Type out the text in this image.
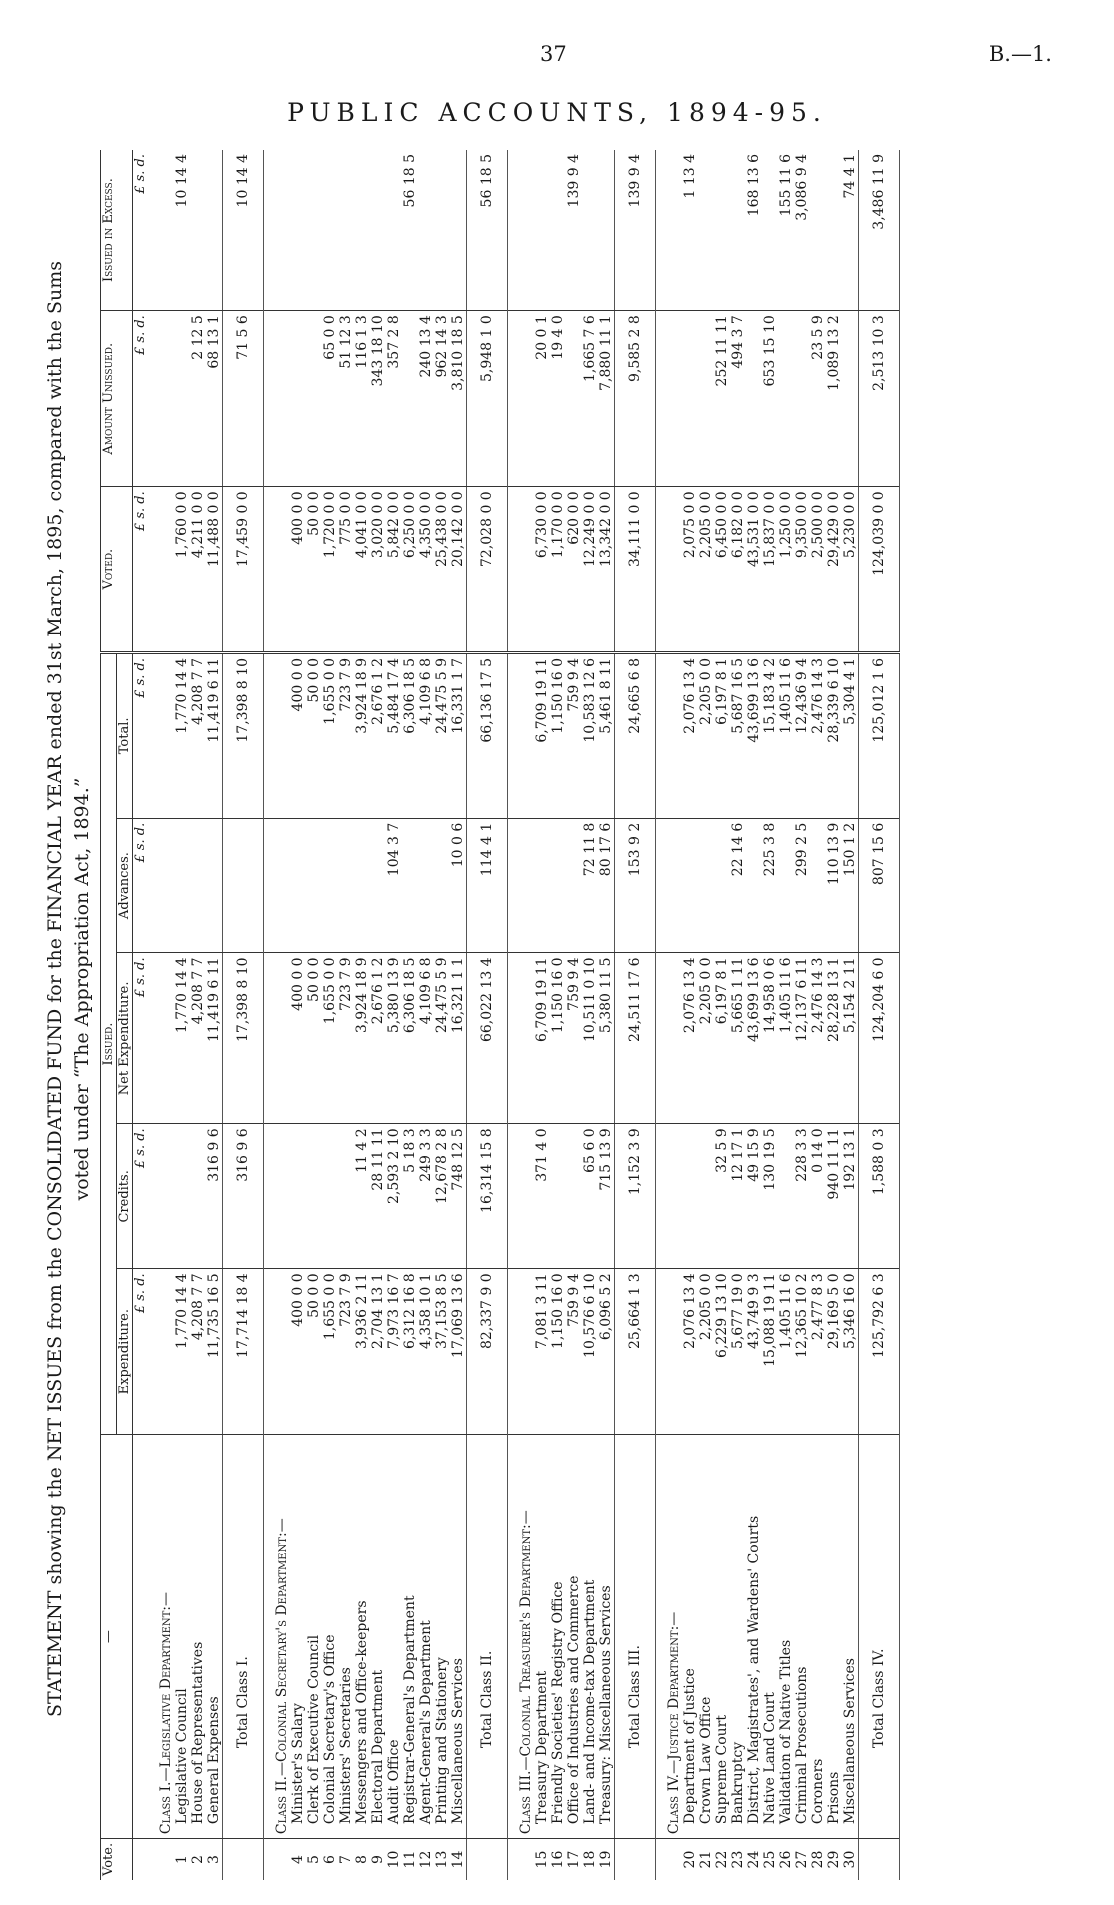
37	B.—1.
PUBLIC ACCOUNTS, 1894-95.
STATEMENT showing the NET ISSUES from the CONSOLIDATED FUND for the FINANCIAL YEAR ended 31st March, 1895, compared with the Sums voted under “The Appropriation Act, 1894.”
Vote.	—	Issued.					Voted.	Amount Unissued.	Issued in Excess.
		Expenditure.	Credits.	Net Expenditure.	Advances.	Total.			
		£ s. d.	£ s. d.	£ s. d.	£ s. d.	£ s. d.	£ s. d.	£ s. d.	£ s. d.
	Class I.—Legislative Department:—								
1	Legislative Council	1,770 14 4		1,770 14 4		1,770 14 4	1,760 0 0		10 14 4
2	House of Representatives	4,208 7 7		4,208 7 7		4,208 7 7	4,211 0 0	2 12 5	
3	General Expenses	11,735 16 5	316 9 6	11,419 6 11		11,419 6 11	11,488 0 0	68 13 1	
	Total Class I.	17,714 18 4	316 9 6	17,398 8 10		17,398 8 10	17,459 0 0	71 5 6	10 14 4
	Class II.—Colonial Secretary's Department:—								
4	Minister's Salary	400 0 0		400 0 0		400 0 0	400 0 0		
5	Clerk of Executive Council	50 0 0		50 0 0		50 0 0	50 0 0		
6	Colonial Secretary's Office	1,655 0 0		1,655 0 0		1,655 0 0	1,720 0 0	65 0 0	
7	Ministers' Secretaries	723 7 9		723 7 9		723 7 9	775 0 0	51 12 3	
8	Messengers and Office-keepers	3,936 2 11	11 4 2	3,924 18 9		3,924 18 9	4,041 0 0	116 1 3	
9	Electoral Department	2,704 13 1	28 11 11	2,676 1 2		2,676 1 2	3,020 0 0	343 18 10	
10	Audit Office	7,973 16 7	2,593 2 10	5,380 13 9	104 3 7	5,484 17 4	5,842 0 0	357 2 8	
11	Registrar-General's Department	6,312 16 8	5 18 3	6,306 18 5		6,306 18 5	6,250 0 0		56 18 5
12	Agent-General's Department	4,358 10 1	249 3 3	4,109 6 8		4,109 6 8	4,350 0 0	240 13 4	
13	Printing and Stationery	37,153 8 5	12,678 2 8	24,475 5 9		24,475 5 9	25,438 0 0	962 14 3	
14	Miscellaneous Services	17,069 13 6	748 12 5	16,321 1 1	10 0 6	16,331 1 7	20,142 0 0	3,810 18 5	
	Total Class II.	82,337 9 0	16,314 15 8	66,022 13 4	114 4 1	66,136 17 5	72,028 0 0	5,948 1 0	56 18 5
	Class III.—Colonial Treasurer's Department:—								
15	Treasury Department	7,081 3 11	371 4 0	6,709 19 11		6,709 19 11	6,730 0 0	20 0 1	
16	Friendly Societies' Registry Office	1,150 16 0		1,150 16 0		1,150 16 0	1,170 0 0	19 4 0	
17	Office of Industries and Commerce	759 9 4		759 9 4		759 9 4	620 0 0		139 9 4
18	Land- and Income-tax Department	10,576 6 10	65 6 0	10,511 0 10	72 11 8	10,583 12 6	12,249 0 0	1,665 7 6	
19	Treasury: Miscellaneous Services	6,096 5 2	715 13 9	5,380 11 5	80 17 6	5,461 8 11	13,342 0 0	7,880 11 1	
	Total Class III.	25,664 1 3	1,152 3 9	24,511 17 6	153 9 2	24,665 6 8	34,111 0 0	9,585 2 8	139 9 4
	Class IV.—Justice Department:—								
20	Department of Justice	2,076 13 4		2,076 13 4		2,076 13 4	2,075 0 0		1 13 4
21	Crown Law Office	2,205 0 0		2,205 0 0		2,205 0 0	2,205 0 0		
22	Supreme Court	6,229 13 10	32 5 9	6,197 8 1		6,197 8 1	6,450 0 0	252 11 11	
23	Bankruptcy	5,677 19 0	12 17 1	5,665 1 11	22 14 6	5,687 16 5	6,182 0 0	494 3 7	
24	District, Magistrates', and Wardens' Courts	43,749 9 3	49 15 9	43,699 13 6		43,699 13 6	43,531 0 0		168 13 6
25	Native Land Court	15,088 19 11	130 19 5	14,958 0 6	225 3 8	15,183 4 2	15,837 0 0	653 15 10	
26	Validation of Native Titles	1,405 11 6		1,405 11 6		1,405 11 6	1,250 0 0		155 11 6
27	Criminal Prosecutions	12,365 10 2	228 3 3	12,137 6 11	299 2 5	12,436 9 4	9,350 0 0		3,086 9 4
28	Coroners	2,477 8 3	0 14 0	2,476 14 3		2,476 14 3	2,500 0 0	23 5 9	
29	Prisons	29,169 5 0	940 11 11	28,228 13 1	110 13 9	28,339 6 10	29,429 0 0	1,089 13 2	
30	Miscellaneous Services	5,346 16 0	192 13 1	5,154 2 11	150 1 2	5,304 4 1	5,230 0 0		74 4 1
	Total Class IV.	125,792 6 3	1,588 0 3	124,204 6 0	807 15 6	125,012 1 6	124,039 0 0	2,513 10 3	3,486 11 9
